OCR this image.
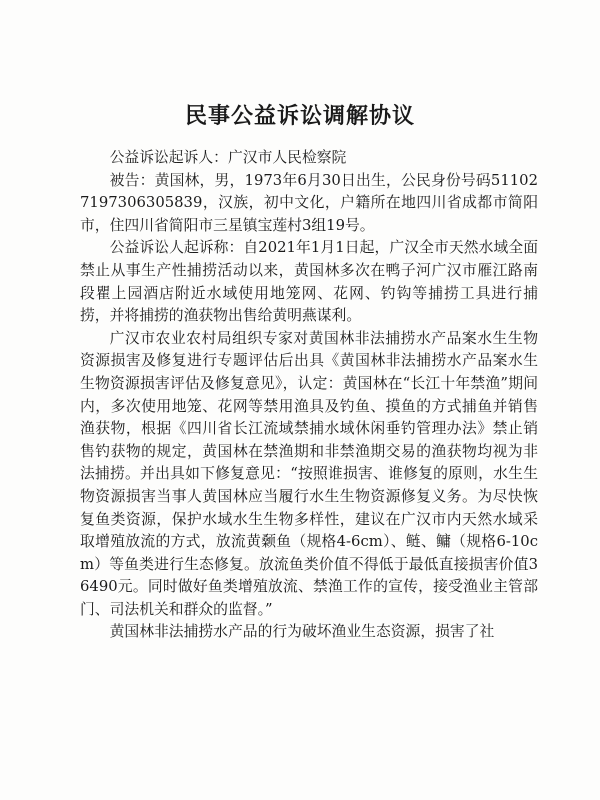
民事公益诉讼调解协议

公益诉讼起诉人：广汉市人民检察院

被告：黄国林，男，1973年6月30日出生，公民身份号码511027197306305839，汉族，初中文化，户籍所在地四川省成都市简阳市，住四川省简阳市三星镇宝莲村3组19号。

公益诉讼人起诉称：自2021年1月1日起，广汉全市天然水域全面禁止从事生产性捕捞活动以来，黄国林多次在鸭子河广汉市雁江路南段瞿上园酒店附近水域使用地笼网、花网、钓钩等捕捞工具进行捕捞，并将捕捞的渔获物出售给黄明燕谋利。

广汉市农业农村局组织专家对黄国林非法捕捞水产品案水生生物资源损害及修复进行专题评估后出具《黄国林非法捕捞水产品案水生生物资源损害评估及修复意见》，认定：黄国林在“长江十年禁渔”期间内，多次使用地笼、花网等禁用渔具及钓鱼、摸鱼的方式捕鱼并销售渔获物，根据《四川省长江流域禁捕水域休闲垂钓管理办法》禁止销售钓获物的规定，黄国林在禁渔期和非禁渔期交易的渔获物均视为非法捕捞。并出具如下修复意见：“按照谁损害、谁修复的原则，水生生物资源损害当事人黄国林应当履行水生生物资源修复义务。为尽快恢复鱼类资源，保护水域水生生物多样性，建议在广汉市内天然水域采取增殖放流的方式，放流黄颡鱼（规格4-6cm）、鲢、鳙（规格6-10cm）等鱼类进行生态修复。放流鱼类价值不得低于最低直接损害价值36490元。同时做好鱼类增殖放流、禁渔工作的宣传，接受渔业主管部门、司法机关和群众的监督。”

黄国林非法捕捞水产品的行为破坏渔业生态资源，损害了社
